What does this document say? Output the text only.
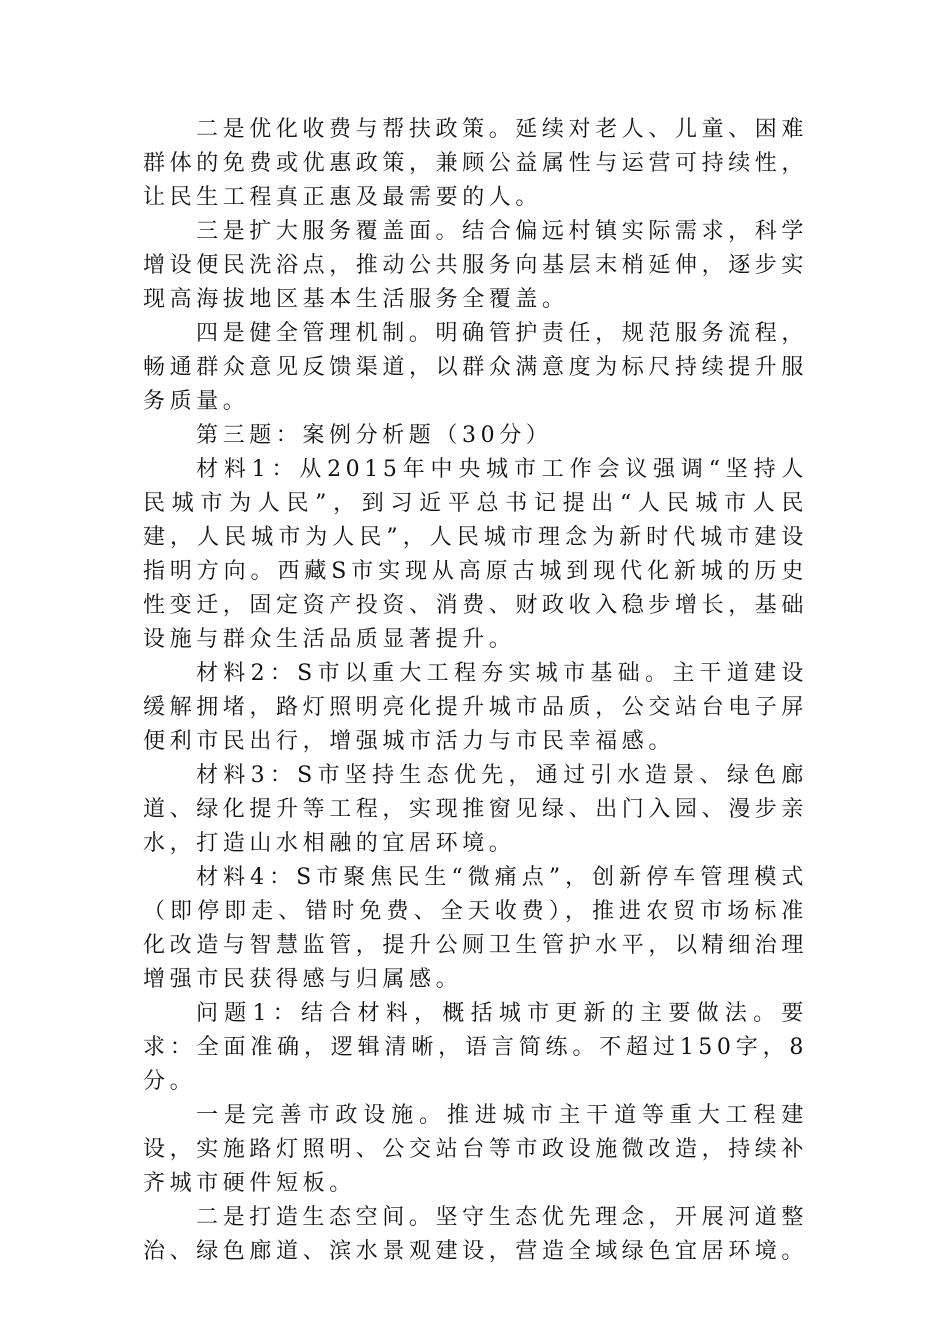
二是优化收费与帮扶政策。延续对老人、儿童、困难群体的免费或优惠政策，兼顾公益属性与运营可持续性，让民生工程真正惠及最需要的人。

三是扩大服务覆盖面。结合偏远村镇实际需求，科学增设便民洗浴点，推动公共服务向基层末梢延伸，逐步实现高海拔地区基本生活服务全覆盖。

四是健全管理机制。明确管护责任，规范服务流程，畅通群众意见反馈渠道，以群众满意度为标尺持续提升服务质量。

第三题：案例分析题（30分）

材料1：从2015年中央城市工作会议强调“坚持人民城市为人民”，到习近平总书记提出“人民城市人民建，人民城市为人民”，人民城市理念为新时代城市建设指明方向。西藏S市实现从高原古城到现代化新城的历史性变迁，固定资产投资、消费、财政收入稳步增长，基础设施与群众生活品质显著提升。

材料2：S市以重大工程夯实城市基础。主干道建设缓解拥堵，路灯照明亮化提升城市品质，公交站台电子屏便利市民出行，增强城市活力与市民幸福感。

材料3：S市坚持生态优先，通过引水造景、绿色廊道、绿化提升等工程，实现推窗见绿、出门入园、漫步亲水，打造山水相融的宜居环境。

材料4：S市聚焦民生“微痛点”，创新停车管理模式（即停即走、错时免费、全天收费），推进农贸市场标准化改造与智慧监管，提升公厕卫生管护水平，以精细治理增强市民获得感与归属感。

问题1：结合材料，概括城市更新的主要做法。要求：全面准确，逻辑清晰，语言简练。不超过150字，8分。

一是完善市政设施。推进城市主干道等重大工程建设，实施路灯照明、公交站台等市政设施微改造，持续补齐城市硬件短板。

二是打造生态空间。坚守生态优先理念，开展河道整治、绿色廊道、滨水景观建设，营造全域绿色宜居环境。
